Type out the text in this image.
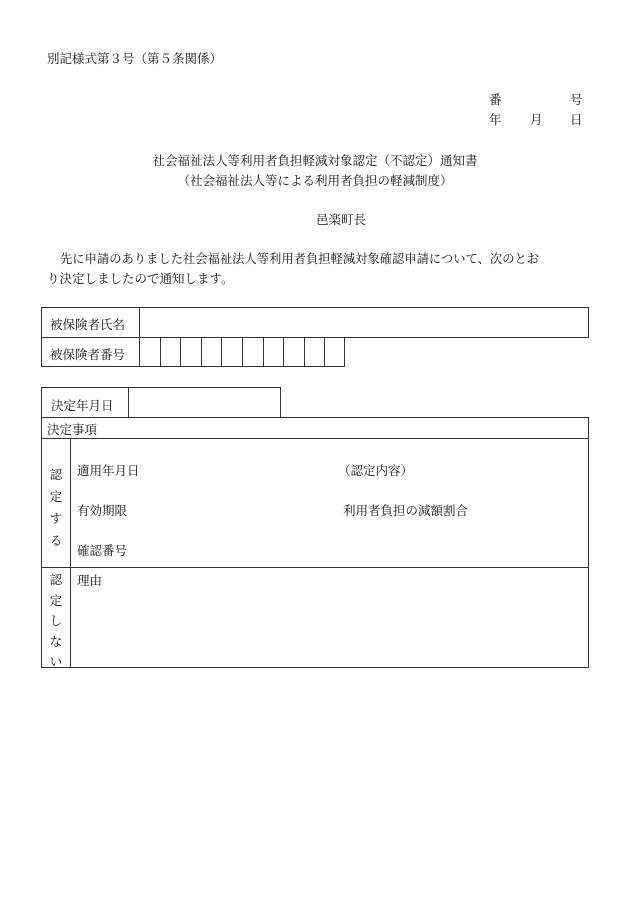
別記様式第３号（第５条関係）
番	号
年 月 日
社会福祉法人等利用者負担軽減対象認定（不認定）通知書
（社会福祉法人等による利用者負担の軽減制度）
邑楽町長
先に申請のありました社会福祉法人等利用者負担軽減対象確認申請について、次のとお
り決定しましたので通知します。
被保険者氏名
被保険者番号
決定年月日
決定事項
認
定
す
る
適用年月日
有効期限
確認番号
（認定内容）
利用者負担の減額割合
認
定
し
な
い
理由
